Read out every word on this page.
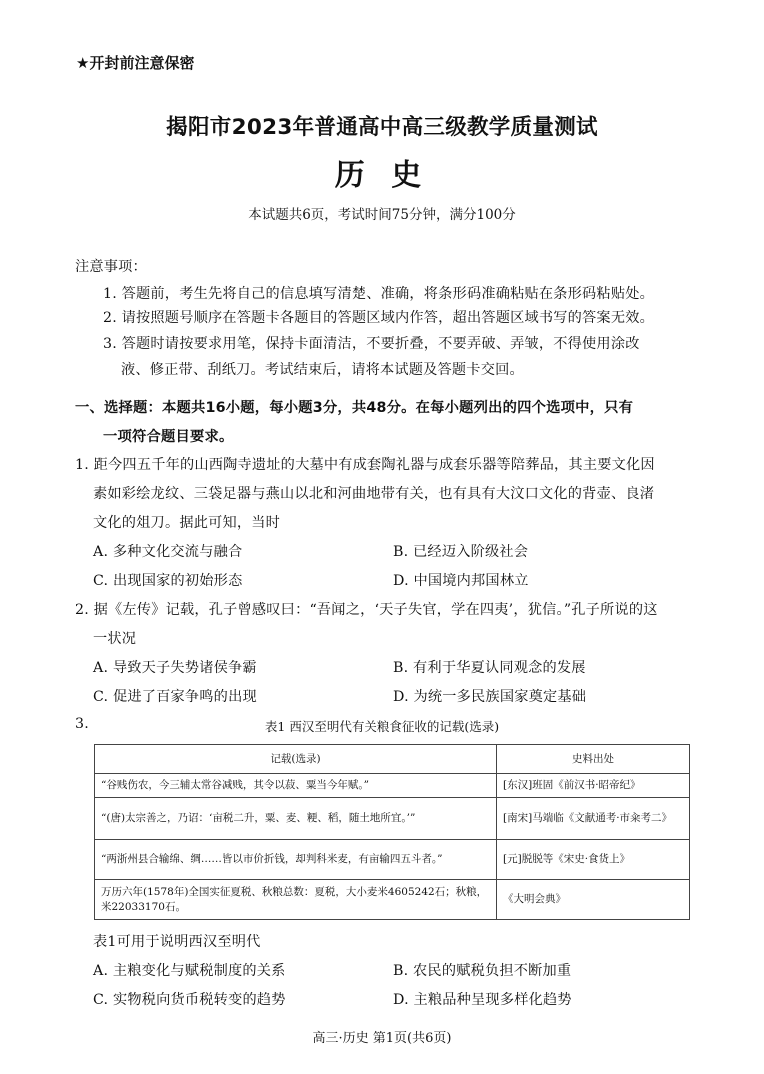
★开封前注意保密
揭阳市2023年普通高中高三级教学质量测试
历 史
本试题共6页，考试时间75分钟，满分100分
注意事项：
1. 答题前，考生先将自己的信息填写清楚、准确，将条形码准确粘贴在条形码粘贴处。
2. 请按照题号顺序在答题卡各题目的答题区域内作答，超出答题区域书写的答案无效。
3. 答题时请按要求用笔，保持卡面清洁，不要折叠，不要弄破、弄皱，不得使用涂改
液、修正带、刮纸刀。考试结束后，请将本试题及答题卡交回。
一、选择题：本题共16小题，每小题3分，共48分。在每小题列出的四个选项中，只有
一项符合题目要求。
1. 距今四五千年的山西陶寺遗址的大墓中有成套陶礼器与成套乐器等陪葬品，其主要文化因
素如彩绘龙纹、三袋足器与燕山以北和河曲地带有关，也有具有大汶口文化的背壶、良渚
文化的俎刀。据此可知，当时
A. 多种文化交流与融合	B. 已经迈入阶级社会
C. 出现国家的初始形态	D. 中国境内邦国林立
2. 据《左传》记载，孔子曾感叹曰：“吾闻之，‘天子失官，学在四夷’，犹信。”孔子所说的这
一状况
A. 导致天子失势诸侯争霸	B. 有利于华夏认同观念的发展
C. 促进了百家争鸣的出现	D. 为统一多民族国家奠定基础
3.	表1 西汉至明代有关粮食征收的记载(选录)
记载(选录)	史料出处
“谷贱伤农，今三辅太常谷减贱，其令以菽、粟当今年赋。”	[东汉]班固《前汉书·昭帝纪》
“(唐)太宗善之，乃诏：‘亩税二升，粟、麦、粳、稻，随土地所宜。’”	[南宋]马端临《文献通考·市籴考二》
“两浙州县合输绵、绸……皆以市价折钱，却判科米麦，有亩输四五斗者。”	[元]脱脱等《宋史·食货上》
万历六年(1578年)全国实征夏税、秋粮总数：夏税，大小麦米4605242石；秋粮，米22033170石。	《大明会典》
表1可用于说明西汉至明代
A. 主粮变化与赋税制度的关系	B. 农民的赋税负担不断加重
C. 实物税向货币税转变的趋势	D. 主粮品种呈现多样化趋势
高三·历史 第1页(共6页)
